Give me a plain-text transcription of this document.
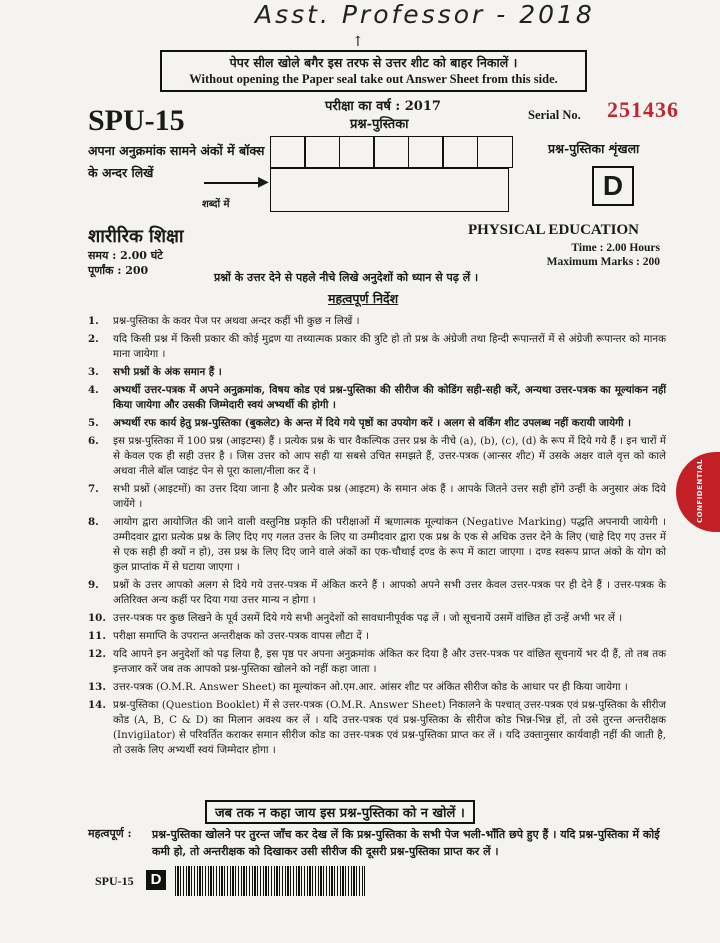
Asst. Professor - 2018
↑
पेपर सील खोले बगैर इस तरफ से उत्तर शीट को बाहर निकालें ।
Without opening the Paper seal take out Answer Sheet from this side.
SPU-15	परीक्षा का वर्ष : 2017
प्रश्न-पुस्तिका
Serial No. 251436
अपना अनुक्रमांक सामने अंकों में बॉक्स के अन्दर लिखें
▶
शब्दों में
प्रश्न-पुस्तिका शृंखला
D
शारीरिक शिक्षा	PHYSICAL EDUCATION
समय : 2.00 घंटे
पूर्णांक : 200
Time : 2.00 Hours
Maximum Marks : 200
प्रश्नों के उत्तर देने से पहले नीचे लिखे अनुदेशों को ध्यान से पढ़ लें ।
महत्वपूर्ण निर्देश
1. प्रश्न-पुस्तिका के कवर पेज पर अथवा अन्दर कहीं भी कुछ न लिखें ।
2. यदि किसी प्रश्न में किसी प्रकार की कोई मुद्रण या तथ्यात्मक प्रकार की त्रुटि हो तो प्रश्न के अंग्रेजी तथा हिन्दी रूपान्तरों में से अंग्रेजी रूपान्तर को मानक माना जायेगा ।
3. सभी प्रश्नों के अंक समान हैं ।
4. अभ्यर्थी उत्तर-पत्रक में अपने अनुक्रमांक, विषय कोड एवं प्रश्न-पुस्तिका की सीरीज की कोडिंग सही-सही करें, अन्यथा उत्तर-पत्रक का मूल्यांकन नहीं किया जायेगा और उसकी जिम्मेदारी स्वयं अभ्यर्थी की होगी ।
5. अभ्यर्थी रफ कार्य हेतु प्रश्न-पुस्तिका (बुकलेट) के अन्त में दिये गये पृष्ठों का उपयोग करें । अलग से वर्किंग शीट उपलब्ध नहीं करायी जायेगी ।
6. इस प्रश्न-पुस्तिका में 100 प्रश्न (आइटम्स) हैं । प्रत्येक प्रश्न के चार वैकल्पिक उत्तर प्रश्न के नीचे (a), (b), (c), (d) के रूप में दिये गये हैं । इन चारों में से केवल एक ही सही उत्तर है । जिस उत्तर को आप सही या सबसे उचित समझते हैं, उत्तर-पत्रक (आन्सर शीट) में उसके अक्षर वाले वृत्त को काले अथवा नीले बॉल प्वाइंट पेन से पूरा काला/नीला कर दें ।
7. सभी प्रश्नों (आइटमों) का उत्तर दिया जाना है और प्रत्येक प्रश्न (आइटम) के समान अंक हैं । आपके जितने उत्तर सही होंगे उन्हीं के अनुसार अंक दिये जायेंगे ।
8. आयोग द्वारा आयोजित की जाने वाली वस्तुनिष्ठ प्रकृति की परीक्षाओं में ऋणात्मक मूल्यांकन (Negative Marking) पद्धति अपनायी जायेगी । उम्मीदवार द्वारा प्रत्येक प्रश्न के लिए दिए गए गलत उत्तर के लिए या उम्मीदवार द्वारा एक प्रश्न के एक से अधिक उत्तर देने के लिए (चाहे दिए गए उत्तर में से एक सही ही क्यों न हो), उस प्रश्न के लिए दिए जाने वाले अंकों का एक-चौथाई दण्ड के रूप में काटा जाएगा । दण्ड स्वरूप प्राप्त अंको के योग को कुल प्राप्तांक में से घटाया जाएगा ।
9. प्रश्नों के उत्तर आपको अलग से दिये गये उत्तर-पत्रक में अंकित करने हैं । आपको अपने सभी उत्तर केवल उत्तर-पत्रक पर ही देने हैं । उत्तर-पत्रक के अतिरिक्त अन्य कहीं पर दिया गया उत्तर मान्य न होगा ।
10. उत्तर-पत्रक पर कुछ लिखने के पूर्व उसमें दिये गये सभी अनुदेशों को सावधानीपूर्वक पढ़ लें । जो सूचनायें उसमें वांछित हों उन्हें अभी भर लें ।
11. परीक्षा समाप्ति के उपरान्त अन्तरीक्षक को उत्तर-पत्रक वापस लौटा दें ।
12. यदि आपने इन अनुदेशों को पढ़ लिया है, इस पृष्ठ पर अपना अनुक्रमांक अंकित कर दिया है और उत्तर-पत्रक पर वांछित सूचनायें भर दी हैं, तो तब तक इन्तजार करें जब तक आपको प्रश्न-पुस्तिका खोलने को नहीं कहा जाता ।
13. उत्तर-पत्रक (O.M.R. Answer Sheet) का मूल्यांकन ओ.एम.आर. आंसर शीट पर अंकित सीरीज कोड के आधार पर ही किया जायेगा ।
14. प्रश्न-पुस्तिका (Question Booklet) में से उत्तर-पत्रक (O.M.R. Answer Sheet) निकालने के पश्चात् उत्तर-पत्रक एवं प्रश्न-पुस्तिका के सीरीज कोड (A, B, C & D) का मिलान अवश्य कर लें । यदि उत्तर-पत्रक एवं प्रश्न-पुस्तिका के सीरीज कोड भिन्न-भिन्न हों, तो उसे तुरन्त अन्तरीक्षक (Invigilator) से परिवर्तित कराकर समान सीरीज कोड का उत्तर-पत्रक एवं प्रश्न-पुस्तिका प्राप्त कर लें । यदि उक्तानुसार कार्यवाही नहीं की जाती है, तो उसके लिए अभ्यर्थी स्वयं जिम्मेदार होगा ।
CONFIDENTIAL
जब तक न कहा जाय इस प्रश्न-पुस्तिका को न खोलें ।
महत्वपूर्ण : प्रश्न-पुस्तिका खोलने पर तुरन्त जाँच कर देख लें कि प्रश्न-पुस्तिका के सभी पेज भली-भाँति छपे हुए हैं । यदि प्रश्न-पुस्तिका में कोई कमी हो, तो अन्तरीक्षक को दिखाकर उसी सीरीज की दूसरी प्रश्न-पुस्तिका प्राप्त कर लें ।
SPU-15	D
